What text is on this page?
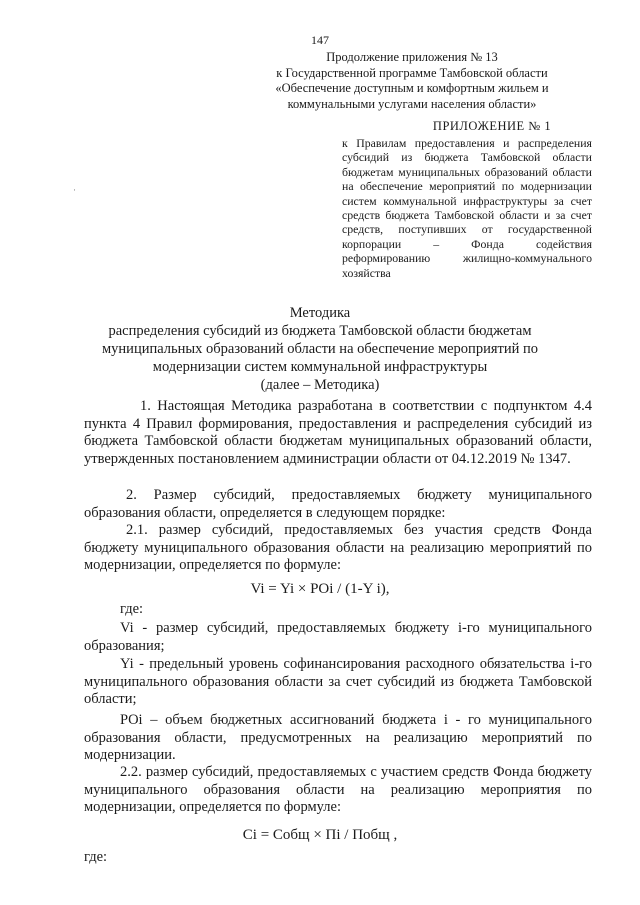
147
Продолжение приложения № 13
к Государственной программе Тамбовской области
«Обеспечение доступным и комфортным жильем и
коммунальными услугами населения области»
ПРИЛОЖЕНИЕ № 1
к Правилам предоставления и распределения субсидий из бюджета Тамбовской области бюджетам муниципальных образований области на обеспечение мероприятий по модернизации систем коммунальной инфраструктуры за счет средств бюджета Тамбовской области и за счет средств, поступивших от государственной корпорации – Фонда содействия реформированию жилищно-коммунального хозяйства
·
Методика
распределения субсидий из бюджета Тамбовской области бюджетам
муниципальных образований области на обеспечение мероприятий по
модернизации систем коммунальной инфраструктуры
(далее – Методика)
1. Настоящая Методика разработана в соответствии с подпунктом 4.4 пункта 4 Правил формирования, предоставления и распределения субсидий из бюджета Тамбовской области бюджетам муниципальных образований области, утвержденных постановлением администрации области от 04.12.2019 № 1347.
2. Размер субсидий, предоставляемых бюджету муниципального образования области, определяется в следующем порядке:
2.1. размер субсидий, предоставляемых без участия средств Фонда бюджету муниципального образования области на реализацию мероприятий по модернизации, определяется по формуле:
Vi = Yi × POi / (1-Y i),
где:
Vi - размер субсидий, предоставляемых бюджету i-го муниципального образования;
Yi - предельный уровень софинансирования расходного обязательства i-го муниципального образования области за счет субсидий из бюджета Тамбовской области;
POi – объем бюджетных ассигнований бюджета i - го муниципального образования области, предусмотренных на реализацию мероприятий по модернизации.
2.2. размер субсидий, предоставляемых с участием средств Фонда бюджету муниципального образования области на реализацию мероприятия по модернизации, определяется по формуле:
Ci = Cобщ × Пi / Побщ ,
где:
